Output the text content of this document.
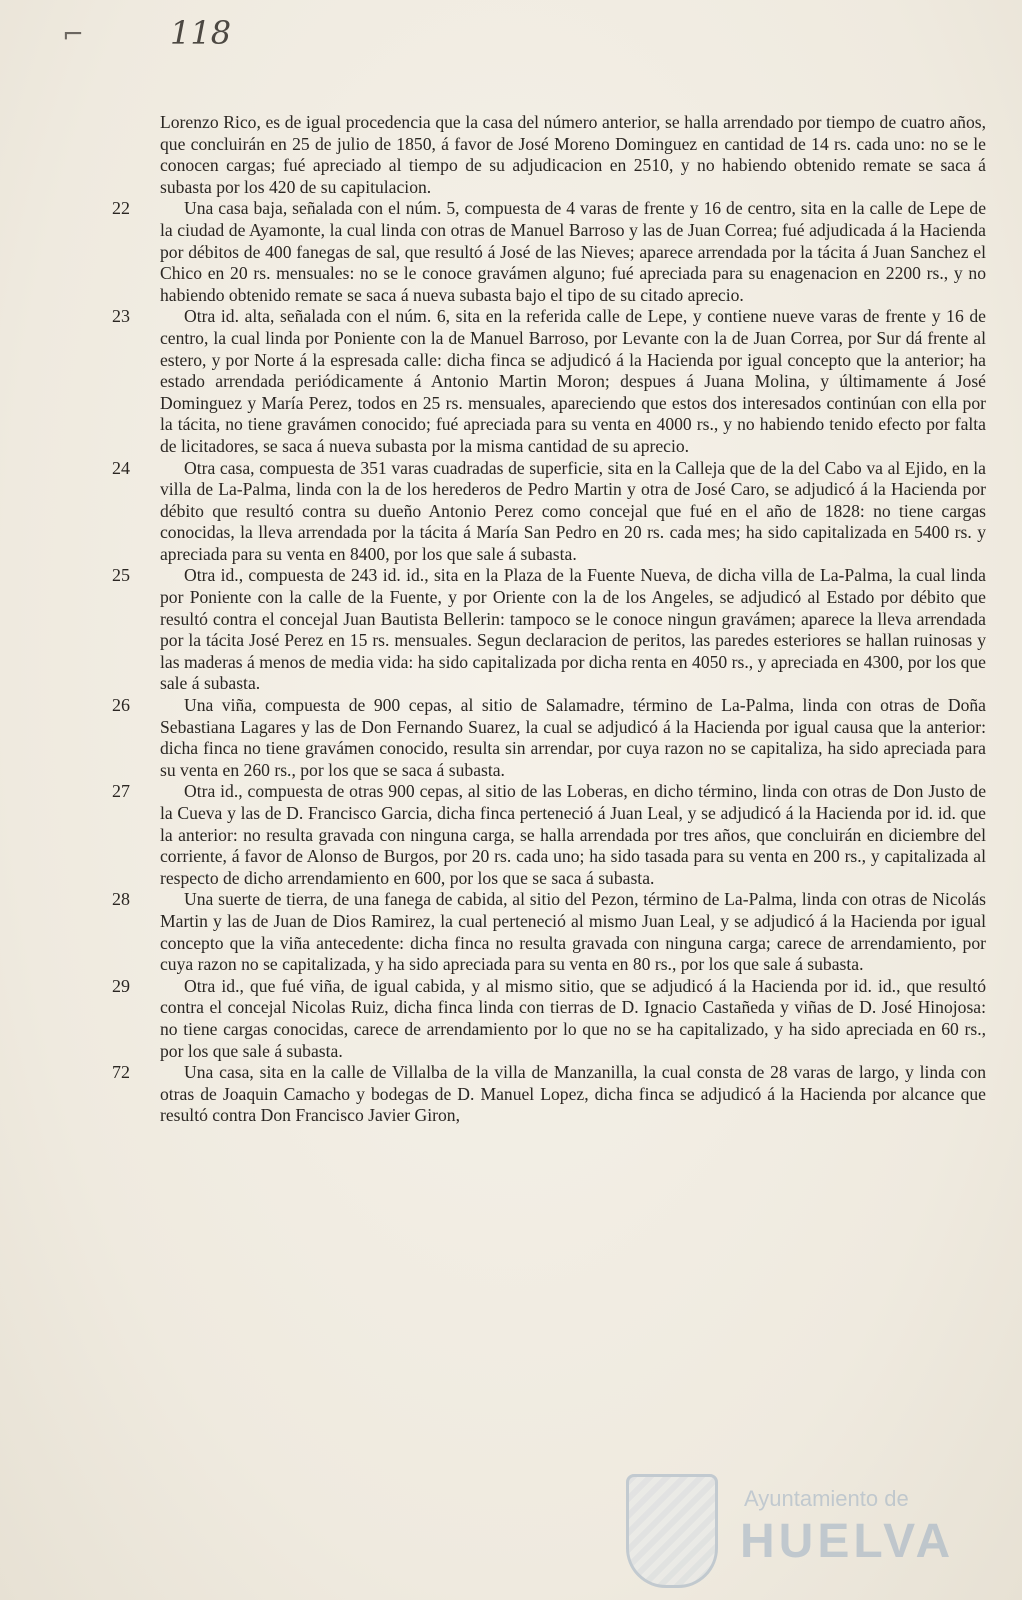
⌐	118

Lorenzo Rico, es de igual procedencia que la casa del número anterior, se halla arrendado por tiempo de cuatro años, que concluirán en 25 de julio de 1850, á favor de José Moreno Dominguez en cantidad de 14 rs. cada uno: no se le conocen cargas; fué apreciado al tiempo de su adjudicacion en 2510, y no habiendo obtenido remate se saca á subasta por los 420 de su capitulacion.

22	Una casa baja, señalada con el núm. 5, compuesta de 4 varas de frente y 16 de centro, sita en la calle de Lepe de la ciudad de Ayamonte, la cual linda con otras de Manuel Barroso y las de Juan Correa; fué adjudicada á la Hacienda por débitos de 400 fanegas de sal, que resultó á José de las Nieves; aparece arrendada por la tácita á Juan Sanchez el Chico en 20 rs. mensuales: no se le conoce gravámen alguno; fué apreciada para su enagenacion en 2200 rs., y no habiendo obtenido remate se saca á nueva subasta bajo el tipo de su citado aprecio.

23	Otra id. alta, señalada con el núm. 6, sita en la referida calle de Lepe, y contiene nueve varas de frente y 16 de centro, la cual linda por Poniente con la de Manuel Barroso, por Levante con la de Juan Correa, por Sur dá frente al estero, y por Norte á la espresada calle: dicha finca se adjudicó á la Hacienda por igual concepto que la anterior; ha estado arrendada periódicamente á Antonio Martin Moron; despues á Juana Molina, y últimamente á José Dominguez y María Perez, todos en 25 rs. mensuales, apareciendo que estos dos interesados continúan con ella por la tácita, no tiene gravámen conocido; fué apreciada para su venta en 4000 rs., y no habiendo tenido efecto por falta de licitadores, se saca á nueva subasta por la misma cantidad de su aprecio.

24	Otra casa, compuesta de 351 varas cuadradas de superficie, sita en la Calleja que de la del Cabo va al Ejido, en la villa de La-Palma, linda con la de los herederos de Pedro Martin y otra de José Caro, se adjudicó á la Hacienda por débito que resultó contra su dueño Antonio Perez como concejal que fué en el año de 1828: no tiene cargas conocidas, la lleva arrendada por la tácita á María San Pedro en 20 rs. cada mes; ha sido capitalizada en 5400 rs. y apreciada para su venta en 8400, por los que sale á subasta.

25	Otra id., compuesta de 243 id. id., sita en la Plaza de la Fuente Nueva, de dicha villa de La-Palma, la cual linda por Poniente con la calle de la Fuente, y por Oriente con la de los Angeles, se adjudicó al Estado por débito que resultó contra el concejal Juan Bautista Bellerin: tampoco se le conoce ningun gravámen; aparece la lleva arrendada por la tácita José Perez en 15 rs. mensuales. Segun declaracion de peritos, las paredes esteriores se hallan ruinosas y las maderas á menos de media vida: ha sido capitalizada por dicha renta en 4050 rs., y apreciada en 4300, por los que sale á subasta.

26	Una viña, compuesta de 900 cepas, al sitio de Salamadre, término de La-Palma, linda con otras de Doña Sebastiana Lagares y las de Don Fernando Suarez, la cual se adjudicó á la Hacienda por igual causa que la anterior: dicha finca no tiene gravámen conocido, resulta sin arrendar, por cuya razon no se capitaliza, ha sido apreciada para su venta en 260 rs., por los que se saca á subasta.

27	Otra id., compuesta de otras 900 cepas, al sitio de las Loberas, en dicho término, linda con otras de Don Justo de la Cueva y las de D. Francisco Garcia, dicha finca perteneció á Juan Leal, y se adjudicó á la Hacienda por id. id. que la anterior: no resulta gravada con ninguna carga, se halla arrendada por tres años, que concluirán en diciembre del corriente, á favor de Alonso de Burgos, por 20 rs. cada uno; ha sido tasada para su venta en 200 rs., y capitalizada al respecto de dicho arrendamiento en 600, por los que se saca á subasta.

28	Una suerte de tierra, de una fanega de cabida, al sitio del Pezon, término de La-Palma, linda con otras de Nicolás Martin y las de Juan de Dios Ramirez, la cual perteneció al mismo Juan Leal, y se adjudicó á la Hacienda por igual concepto que la viña antecedente: dicha finca no resulta gravada con ninguna carga; carece de arrendamiento, por cuya razon no se capitalizada, y ha sido apreciada para su venta en 80 rs., por los que sale á subasta.

29	Otra id., que fué viña, de igual cabida, y al mismo sitio, que se adjudicó á la Hacienda por id. id., que resultó contra el concejal Nicolas Ruiz, dicha finca linda con tierras de D. Ignacio Castañeda y viñas de D. José Hinojosa: no tiene cargas conocidas, carece de arrendamiento por lo que no se ha capitalizado, y ha sido apreciada en 60 rs., por los que sale á subasta.

72	Una casa, sita en la calle de Villalba de la villa de Manzanilla, la cual consta de 28 varas de largo, y linda con otras de Joaquin Camacho y bodegas de D. Manuel Lopez, dicha finca se adjudicó á la Hacienda por alcance que resultó contra Don Francisco Javier Giron,

Ayuntamiento de
HUELVA
